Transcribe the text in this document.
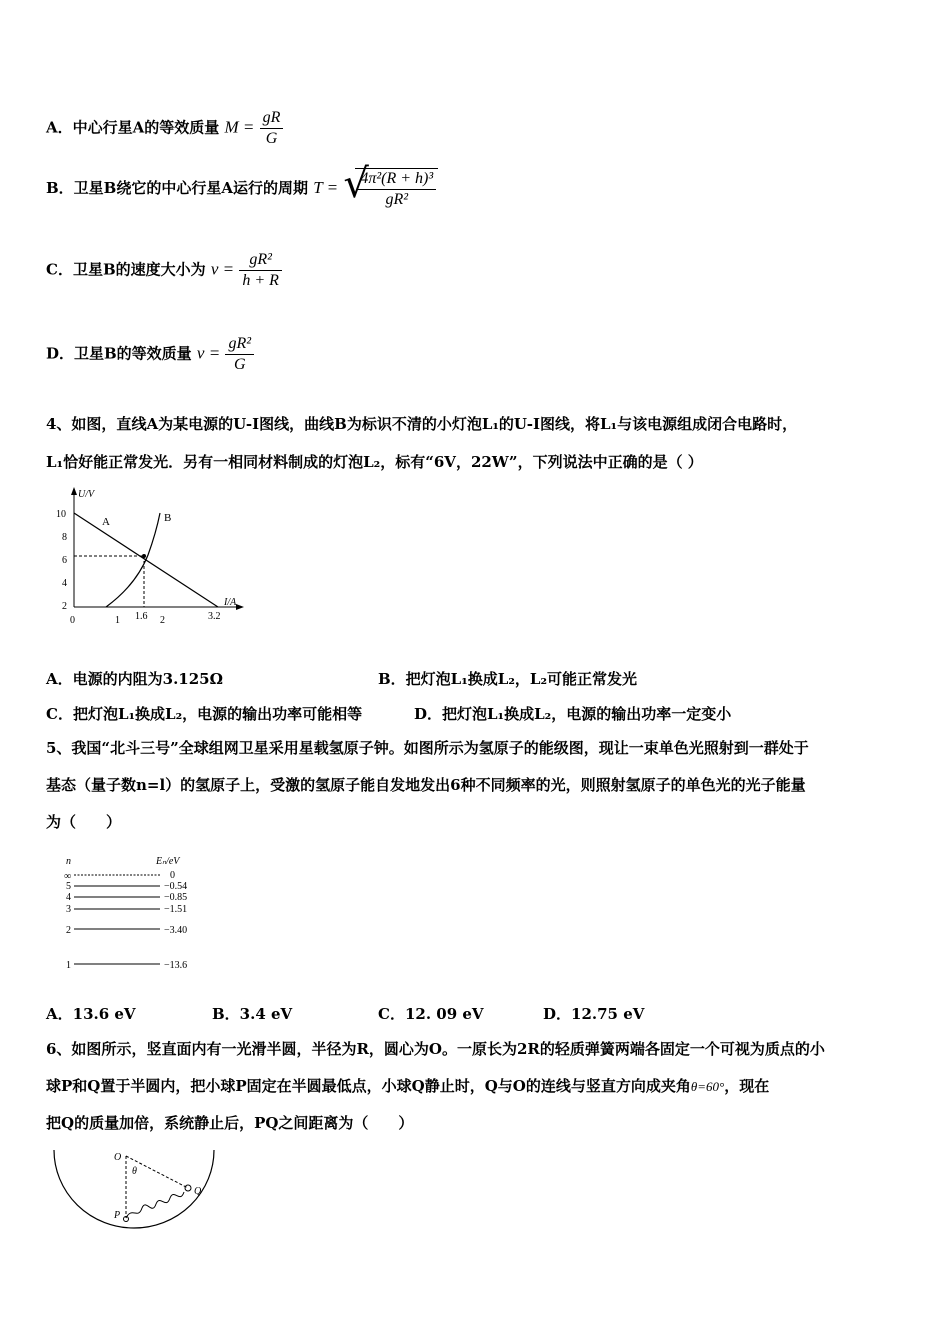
A．中心行星A的等效质量 $M = \frac{gR}{G}$
B．卫星B绕它的中心行星A运行的周期 T = √
$\frac{\text{4π²(R + h)³}}{\text{gR²}}$
C．卫星B的速度大小为 $v = \frac{\text{gR²}}{h + R}$
D．卫星B的等效质量 $v = \frac{\text{gR²}}{G}$
4、如图，直线A为某电源的U-I图线，曲线B为标识不清的小灯泡L₁的U-I图线，将L₁与该电源组成闭合电路时，
L₁恰好能正常发光．另有一相同材料制成的灯泡L₂，标有“6V，22W”，下列说法中正确的是（ ）
U/V
I/A
10
8
6
4
2
0	1 1.6 2	3.2
A	B
A．电源的内阻为3.125Ω	B．把灯泡L₁换成L₂，L₂可能正常发光
C．把灯泡L₁换成L₂，电源的输出功率可能相等	D．把灯泡L₁换成L₂，电源的输出功率一定变小
5、我国“北斗三号”全球组网卫星采用星载氢原子钟。如图所示为氢原子的能级图，现让一束单色光照射到一群处于
基态（量子数n=l）的氢原子上，受激的氢原子能自发地发出6种不同频率的光，则照射氢原子的单色光的光子能量
为（　　）
n	Eₙ/eV
∞	0
5	−0.54
4	−0.85
3	−1.51
2	−3.40
1	−13.6
A．13.6 eV	B．3.4 eV	C．12. 09 eV	D．12.75 eV
6、如图所示，竖直面内有一光滑半圆，半径为R，圆心为O。一原长为2R的轻质弹簧两端各固定一个可视为质点的小
球P和Q置于半圆内，把小球P固定在半圆最低点，小球Q静止时，Q与O的连线与竖直方向成夹角θ=60°，现在
把Q的质量加倍，系统静止后，PQ之间距离为（　　）
O
θ
Q
P
